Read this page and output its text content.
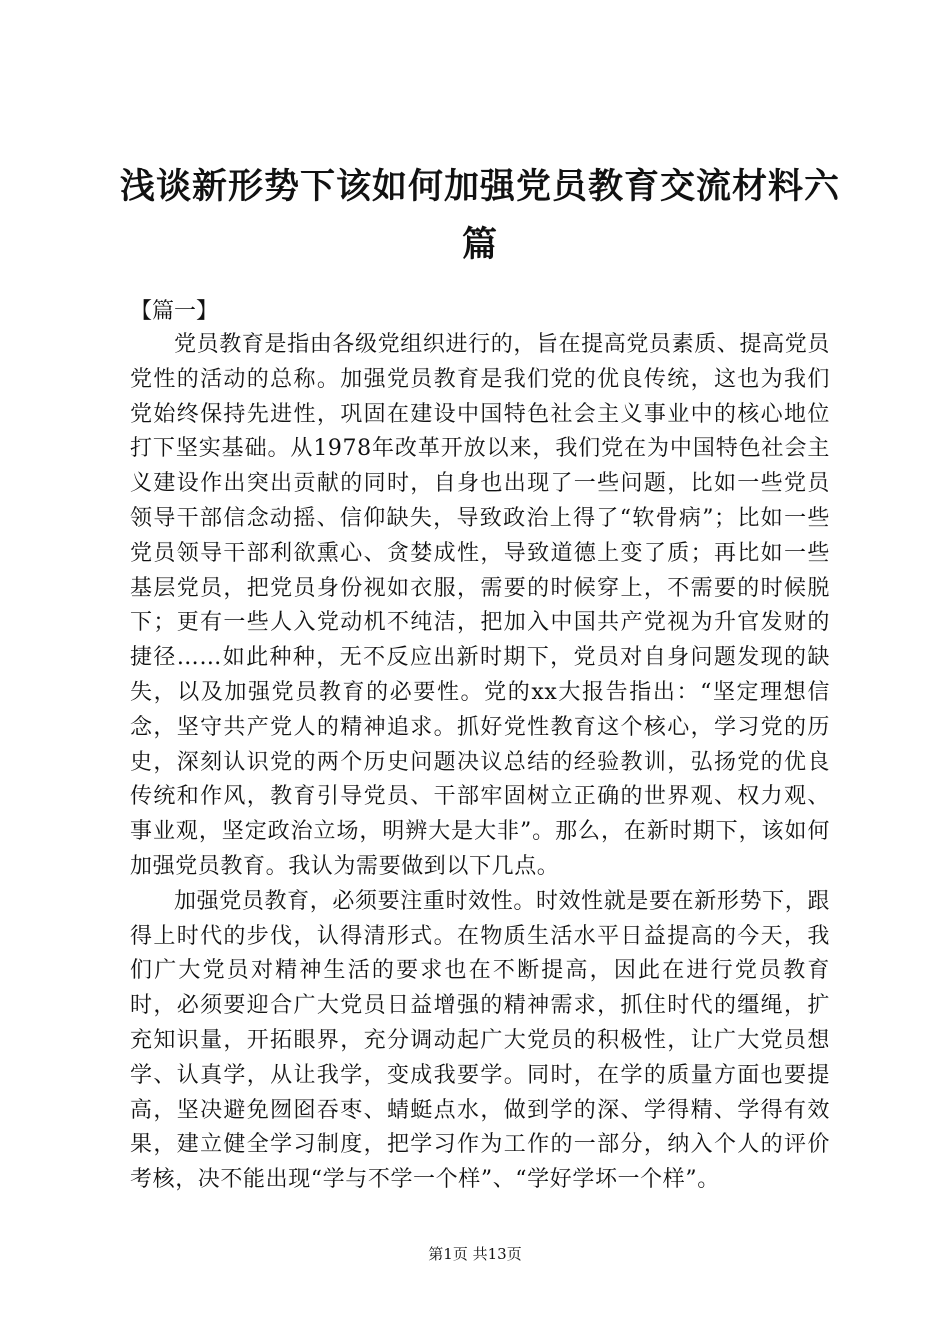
浅谈新形势下该如何加强党员教育交流材料六篇

【篇一】

党员教育是指由各级党组织进行的，旨在提高党员素质、提高党员党性的活动的总称。加强党员教育是我们党的优良传统，这也为我们党始终保持先进性，巩固在建设中国特色社会主义事业中的核心地位打下坚实基础。从1978年改革开放以来，我们党在为中国特色社会主义建设作出突出贡献的同时，自身也出现了一些问题，比如一些党员领导干部信念动摇、信仰缺失，导致政治上得了“软骨病”；比如一些党员领导干部利欲熏心、贪婪成性，导致道德上变了质；再比如一些基层党员，把党员身份视如衣服，需要的时候穿上，不需要的时候脱下；更有一些人入党动机不纯洁，把加入中国共产党视为升官发财的捷径……如此种种，无不反应出新时期下，党员对自身问题发现的缺失，以及加强党员教育的必要性。党的xx大报告指出：“坚定理想信念，坚守共产党人的精神追求。抓好党性教育这个核心，学习党的历史，深刻认识党的两个历史问题决议总结的经验教训，弘扬党的优良传统和作风，教育引导党员、干部牢固树立正确的世界观、权力观、事业观，坚定政治立场，明辨大是大非”。那么，在新时期下，该如何加强党员教育。我认为需要做到以下几点。

加强党员教育，必须要注重时效性。时效性就是要在新形势下，跟得上时代的步伐，认得清形式。在物质生活水平日益提高的今天，我们广大党员对精神生活的要求也在不断提高，因此在进行党员教育时，必须要迎合广大党员日益增强的精神需求，抓住时代的缰绳，扩充知识量，开拓眼界，充分调动起广大党员的积极性，让广大党员想学、认真学，从让我学，变成我要学。同时，在学的质量方面也要提高，坚决避免囫囵吞枣、蜻蜓点水，做到学的深、学得精、学得有效果，建立健全学习制度，把学习作为工作的一部分，纳入个人的评价考核，决不能出现“学与不学一个样”、“学好学坏一个样”。

第1页 共13页
